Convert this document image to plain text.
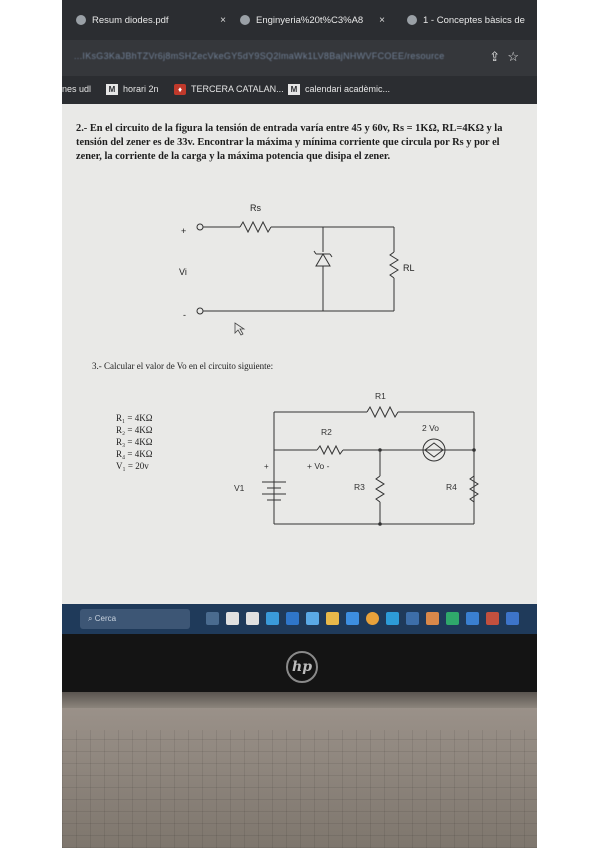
Resum diodes.pdf	×	Enginyeria%20t%C3%A8 ×	1 - Conceptes bàsics de
...IKsG3KaJBhTZVr6j8mSHZecVkeGY5dY9SQ2lmaWk1LV8BajNHWVFCOEE/resource	⇪ ☆
nes udl	M horari 2n	♦ TERCERA CATALAN... M calendari acadèmic...
2.- En el circuito de la figura la tensión de entrada varía entre 45 y 60v, Rs = 1KΩ, RL=4KΩ y la tensión del zener es de 33v. Encontrar la máxima y mínima corriente que circula por Rs y por el zener, la corriente de la carga y la máxima potencia que disipa el zener.
Rs
Vi	RL
+
-
R1
R2
R3	R4
V1
+ Vo -
2 Vo
+
3.- Calcular el valor de Vo en el circuito siguiente:
R₁ = 4KΩ
R₂ = 4KΩ
R₃ = 4KΩ
R₄ = 4KΩ
V₁ = 20v
⌕ Cerca
hp
